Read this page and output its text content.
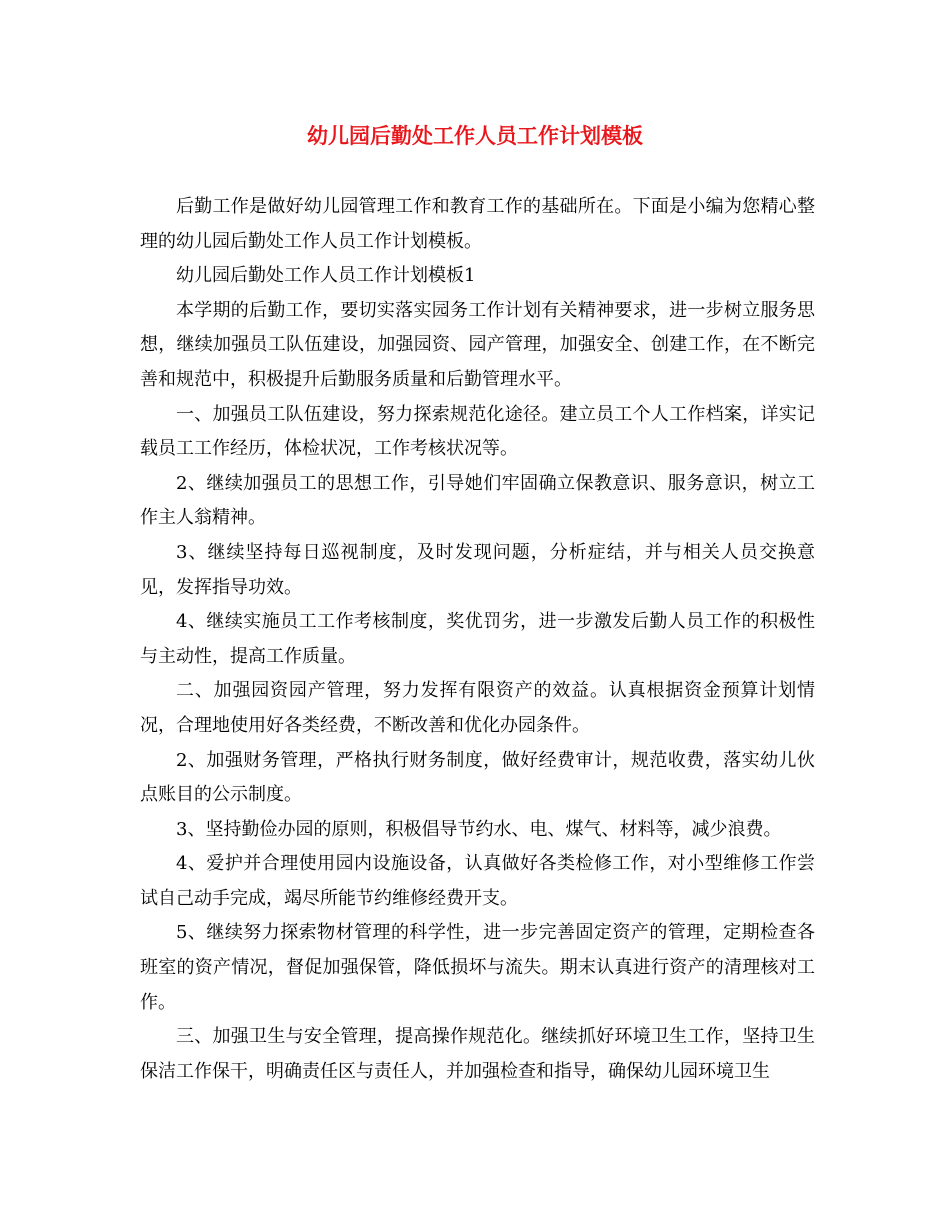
幼儿园后勤处工作人员工作计划模板

后勤工作是做好幼儿园管理工作和教育工作的基础所在。下面是小编为您精心整理的幼儿园后勤处工作人员工作计划模板。

幼儿园后勤处工作人员工作计划模板1

本学期的后勤工作，要切实落实园务工作计划有关精神要求，进一步树立服务思想，继续加强员工队伍建设，加强园资、园产管理，加强安全、创建工作，在不断完善和规范中，积极提升后勤服务质量和后勤管理水平。

一、加强员工队伍建设，努力探索规范化途径。建立员工个人工作档案，详实记载员工工作经历，体检状况，工作考核状况等。

2、继续加强员工的思想工作，引导她们牢固确立保教意识、服务意识，树立工作主人翁精神。

3、继续坚持每日巡视制度，及时发现问题，分析症结，并与相关人员交换意见，发挥指导功效。

4、继续实施员工工作考核制度，奖优罚劣，进一步激发后勤人员工作的积极性与主动性，提高工作质量。

二、加强园资园产管理，努力发挥有限资产的效益。认真根据资金预算计划情况，合理地使用好各类经费，不断改善和优化办园条件。

2、加强财务管理，严格执行财务制度，做好经费审计，规范收费，落实幼儿伙点账目的公示制度。

3、坚持勤俭办园的原则，积极倡导节约水、电、煤气、材料等，减少浪费。

4、爱护并合理使用园内设施设备，认真做好各类检修工作，对小型维修工作尝试自己动手完成，竭尽所能节约维修经费开支。

5、继续努力探索物材管理的科学性，进一步完善固定资产的管理，定期检查各班室的资产情况，督促加强保管，降低损坏与流失。期末认真进行资产的清理核对工作。

三、加强卫生与安全管理，提高操作规范化。继续抓好环境卫生工作，坚持卫生保洁工作保干，明确责任区与责任人，并加强检查和指导，确保幼儿园环境卫生
